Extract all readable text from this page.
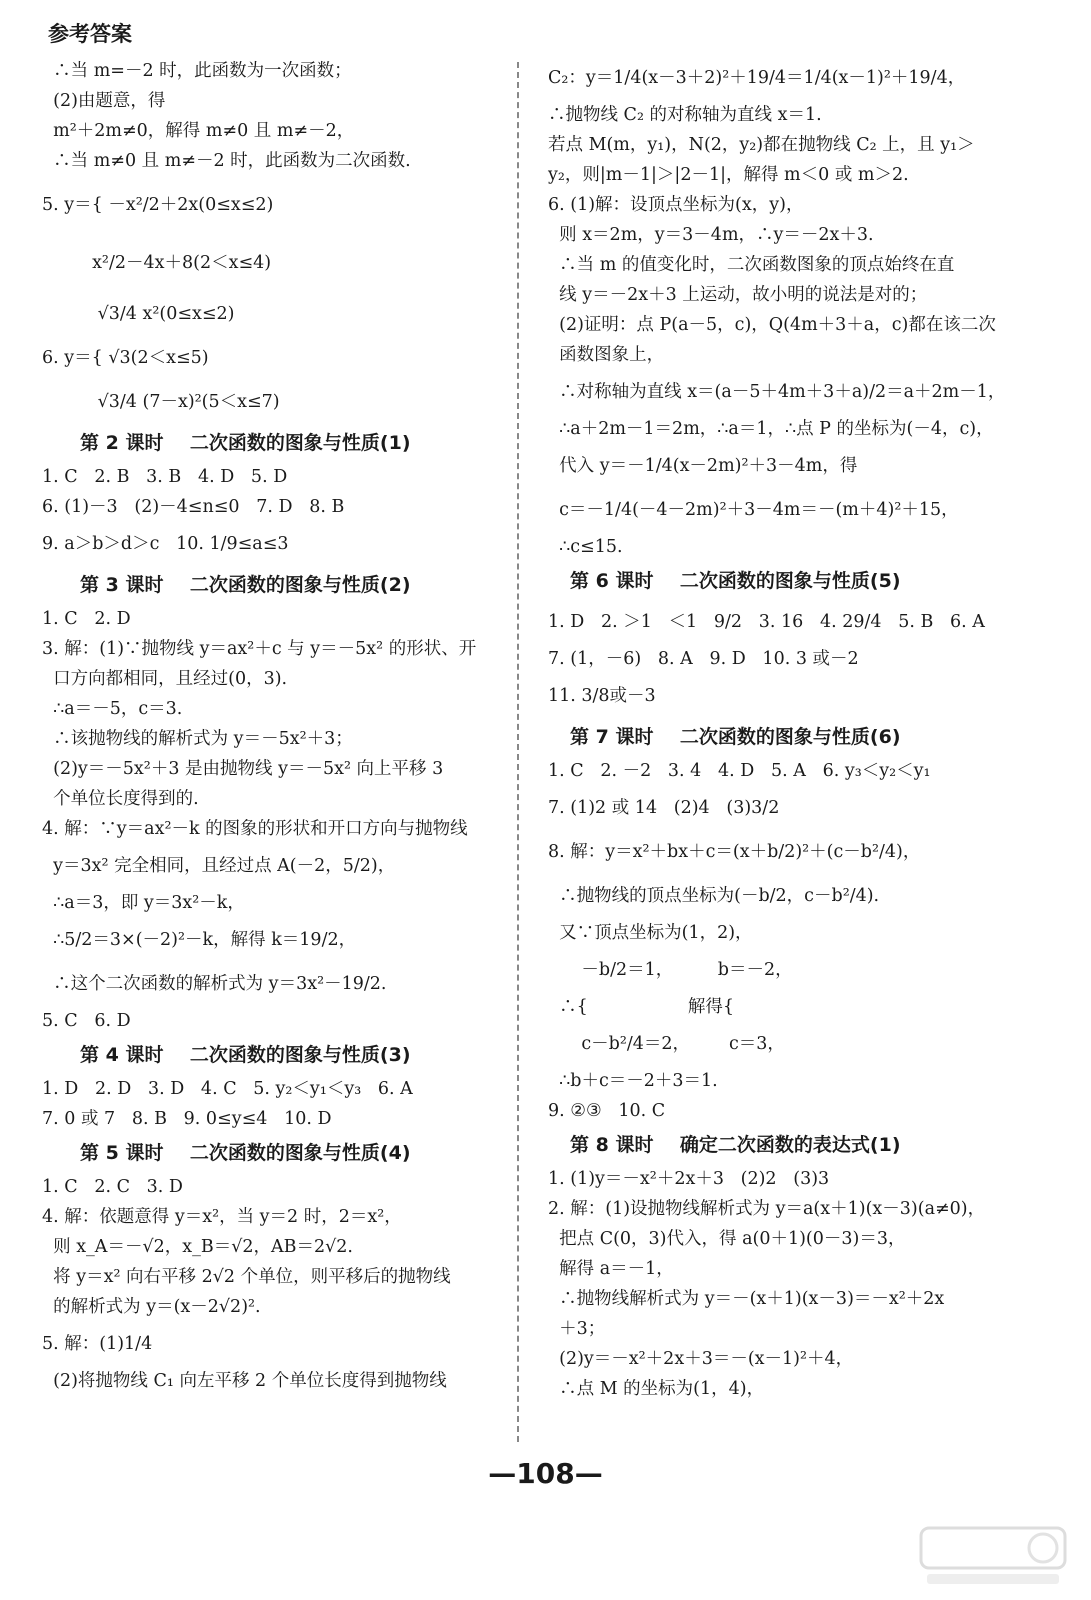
参考答案
∴当 m=－2 时，此函数为一次函数；
(2)由题意，得
m²＋2m≠0，解得 m≠0 且 m≠－2，
∴当 m≠0 且 m≠－2 时，此函数为二次函数.
5. y＝{ －x²/2＋2x(0≤x≤2)
x²/2－4x＋8(2＜x≤4)
√3/4 x²(0≤x≤2)
6. y＝{ √3(2＜x≤5)
√3/4 (7－x)²(5＜x≤7)
第 2 课时    二次函数的图象与性质(1)
1. C   2. B   3. B   4. D   5. D
6. (1)－3   (2)－4≤n≤0   7. D   8. B
9. a＞b＞d＞c   10. 1/9≤a≤3
第 3 课时    二次函数的图象与性质(2)
1. C   2. D
3. 解：(1)∵抛物线 y＝ax²＋c 与 y＝－5x² 的形状、开
口方向都相同，且经过(0，3).
∴a＝－5，c＝3.
∴该抛物线的解析式为 y＝－5x²＋3；
(2)y＝－5x²＋3 是由抛物线 y＝－5x² 向上平移 3
个单位长度得到的.
4. 解：∵y＝ax²－k 的图象的形状和开口方向与抛物线
y＝3x² 完全相同，且经过点 A(－2，5/2)，
∴a＝3，即 y＝3x²－k，
∴5/2＝3×(－2)²－k，解得 k＝19/2，
∴这个二次函数的解析式为 y＝3x²－19/2.
5. C   6. D
第 4 课时    二次函数的图象与性质(3)
1. D   2. D   3. D   4. C   5. y₂＜y₁＜y₃   6. A
7. 0 或 7   8. B   9. 0≤y≤4   10. D
第 5 课时    二次函数的图象与性质(4)
1. C   2. C   3. D
4. 解：依题意得 y＝x²，当 y＝2 时，2＝x²，
则 x_A＝－√2，x_B＝√2，AB＝2√2.
将 y＝x² 向右平移 2√2 个单位，则平移后的抛物线
的解析式为 y＝(x－2√2)².
5. 解：(1)1/4
(2)将抛物线 C₁ 向左平移 2 个单位长度得到抛物线
C₂：y＝1/4(x－3＋2)²＋19/4＝1/4(x－1)²＋19/4，
∴抛物线 C₂ 的对称轴为直线 x＝1.
若点 M(m，y₁)，N(2，y₂)都在抛物线 C₂ 上，且 y₁＞
y₂，则|m－1|＞|2－1|，解得 m＜0 或 m＞2.
6. (1)解：设顶点坐标为(x，y)，
则 x＝2m，y＝3－4m，∴y＝－2x＋3.
∴当 m 的值变化时，二次函数图象的顶点始终在直
线 y＝－2x＋3 上运动，故小明的说法是对的；
(2)证明：点 P(a－5，c)，Q(4m＋3＋a，c)都在该二次
函数图象上，
∴对称轴为直线 x＝(a－5＋4m＋3＋a)/2＝a＋2m－1，
∴a＋2m－1＝2m，∴a＝1，∴点 P 的坐标为(－4，c)，
代入 y＝－1/4(x－2m)²＋3－4m，得
c＝－1/4(－4－2m)²＋3－4m＝－(m＋4)²＋15，
∴c≤15.
第 6 课时    二次函数的图象与性质(5)
1. D   2. ＞1   ＜1   9/2   3. 16   4. 29/4   5. B   6. A
7. (1，－6)   8. A   9. D   10. 3 或－2
11. 3/8或－3
第 7 课时    二次函数的图象与性质(6)
1. C   2. －2   3. 4   4. D   5. A   6. y₃＜y₂＜y₁
7. (1)2 或 14   (2)4   (3)3/2
8. 解：y＝x²＋bx＋c＝(x＋b/2)²＋(c－b²/4)，
∴抛物线的顶点坐标为(－b/2，c－b²/4).
又∵顶点坐标为(1，2)，
－b/2＝1，        b＝－2，
∴{                  解得{
c－b²/4＝2，       c＝3，
∴b＋c＝－2＋3＝1.
9. ②③   10. C
第 8 课时    确定二次函数的表达式(1)
1. (1)y＝－x²＋2x＋3   (2)2   (3)3
2. 解：(1)设抛物线解析式为 y＝a(x＋1)(x－3)(a≠0)，
把点 C(0，3)代入，得 a(0＋1)(0－3)＝3，
解得 a＝－1，
∴抛物线解析式为 y＝－(x＋1)(x－3)＝－x²＋2x
＋3；
(2)y＝－x²＋2x＋3＝－(x－1)²＋4，
∴点 M 的坐标为(1，4)，
—108—
